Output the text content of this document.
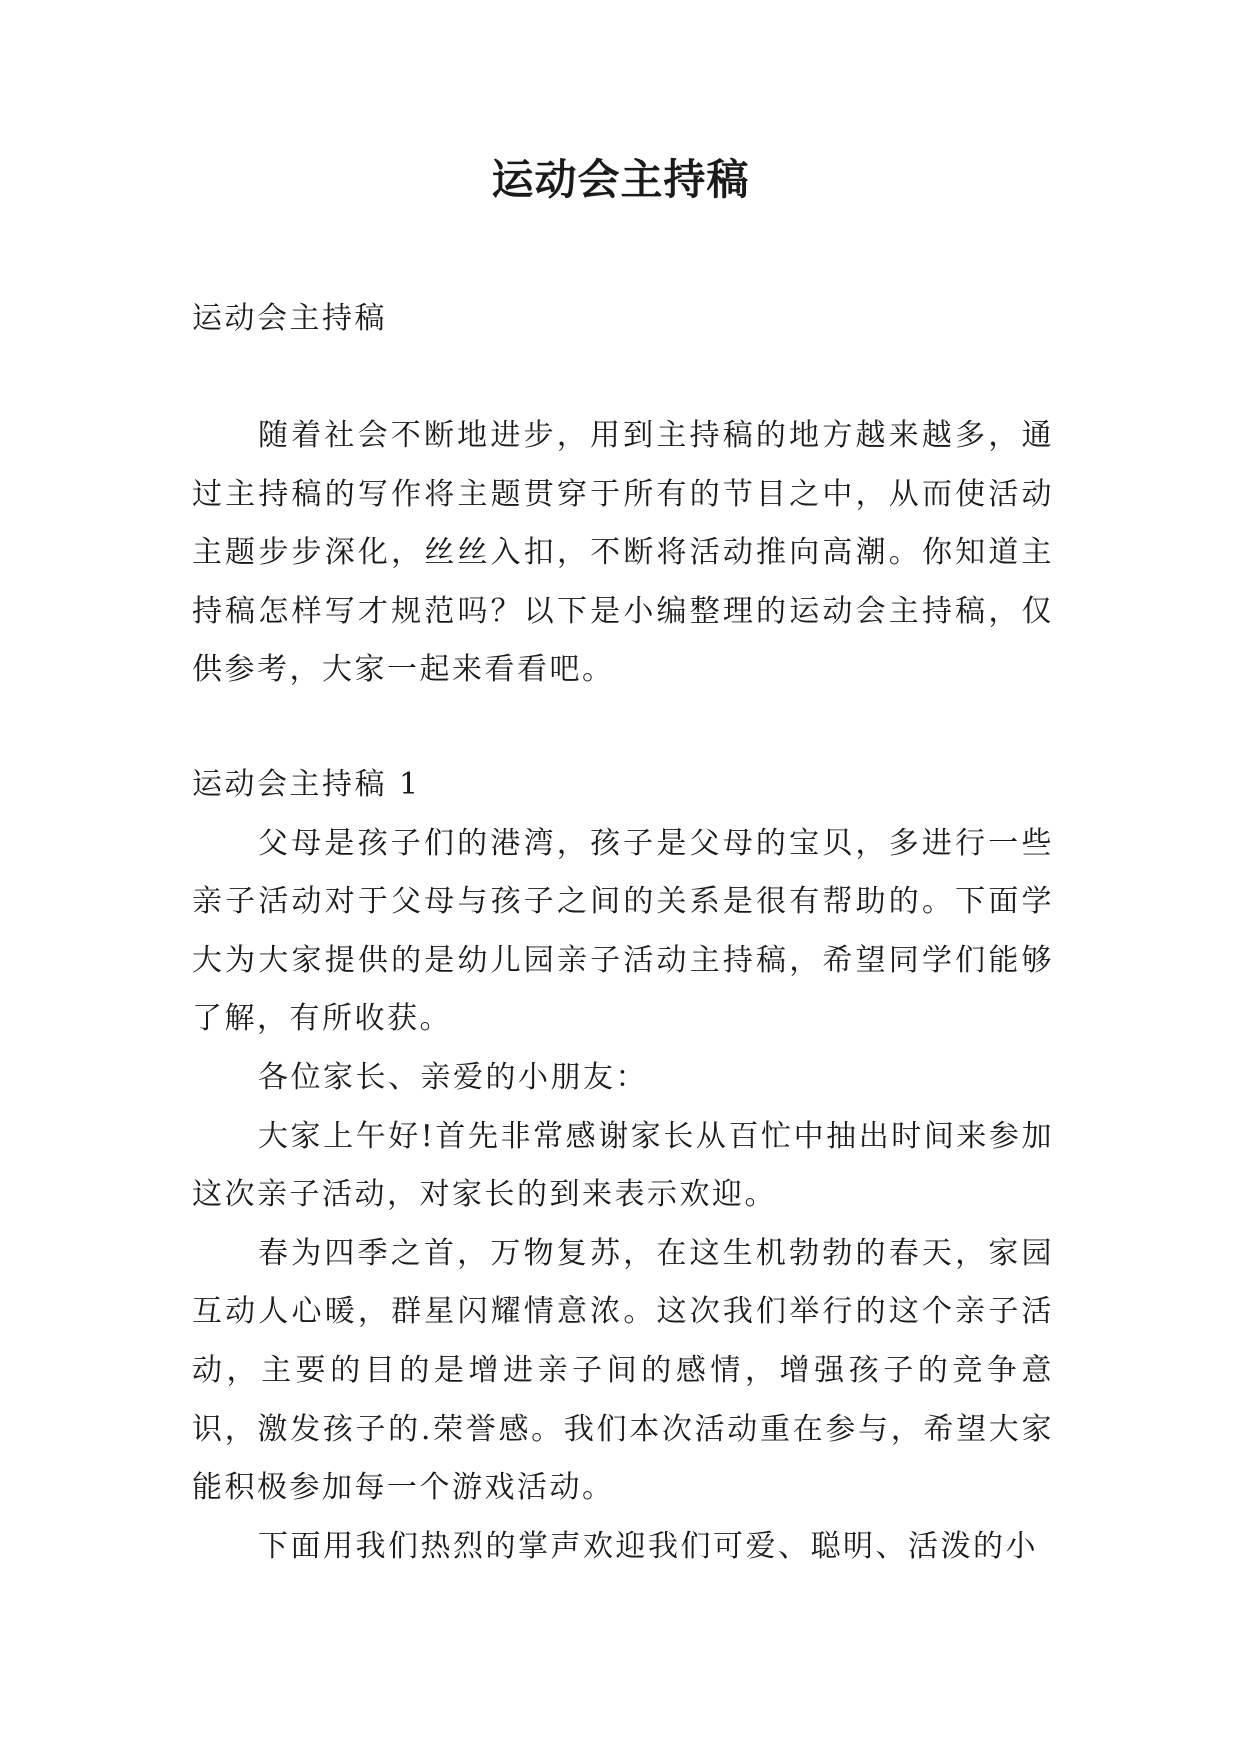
运动会主持稿
运动会主持稿

随着社会不断地进步，用到主持稿的地方越来越多，通过主持稿的写作将主题贯穿于所有的节目之中，从而使活动主题步步深化，丝丝入扣，不断将活动推向高潮。你知道主持稿怎样写才规范吗？以下是小编整理的运动会主持稿，仅供参考，大家一起来看看吧。

运动会主持稿 1

父母是孩子们的港湾，孩子是父母的宝贝，多进行一些亲子活动对于父母与孩子之间的关系是很有帮助的。下面学大为大家提供的是幼儿园亲子活动主持稿，希望同学们能够了解，有所收获。

各位家长、亲爱的小朋友：

大家上午好!首先非常感谢家长从百忙中抽出时间来参加这次亲子活动，对家长的到来表示欢迎。

春为四季之首，万物复苏，在这生机勃勃的春天，家园互动人心暖，群星闪耀情意浓。这次我们举行的这个亲子活动，主要的目的是增进亲子间的感情，增强孩子的竞争意识，激发孩子的.荣誉感。我们本次活动重在参与，希望大家能积极参加每一个游戏活动。

下面用我们热烈的掌声欢迎我们可爱、聪明、活泼的小
